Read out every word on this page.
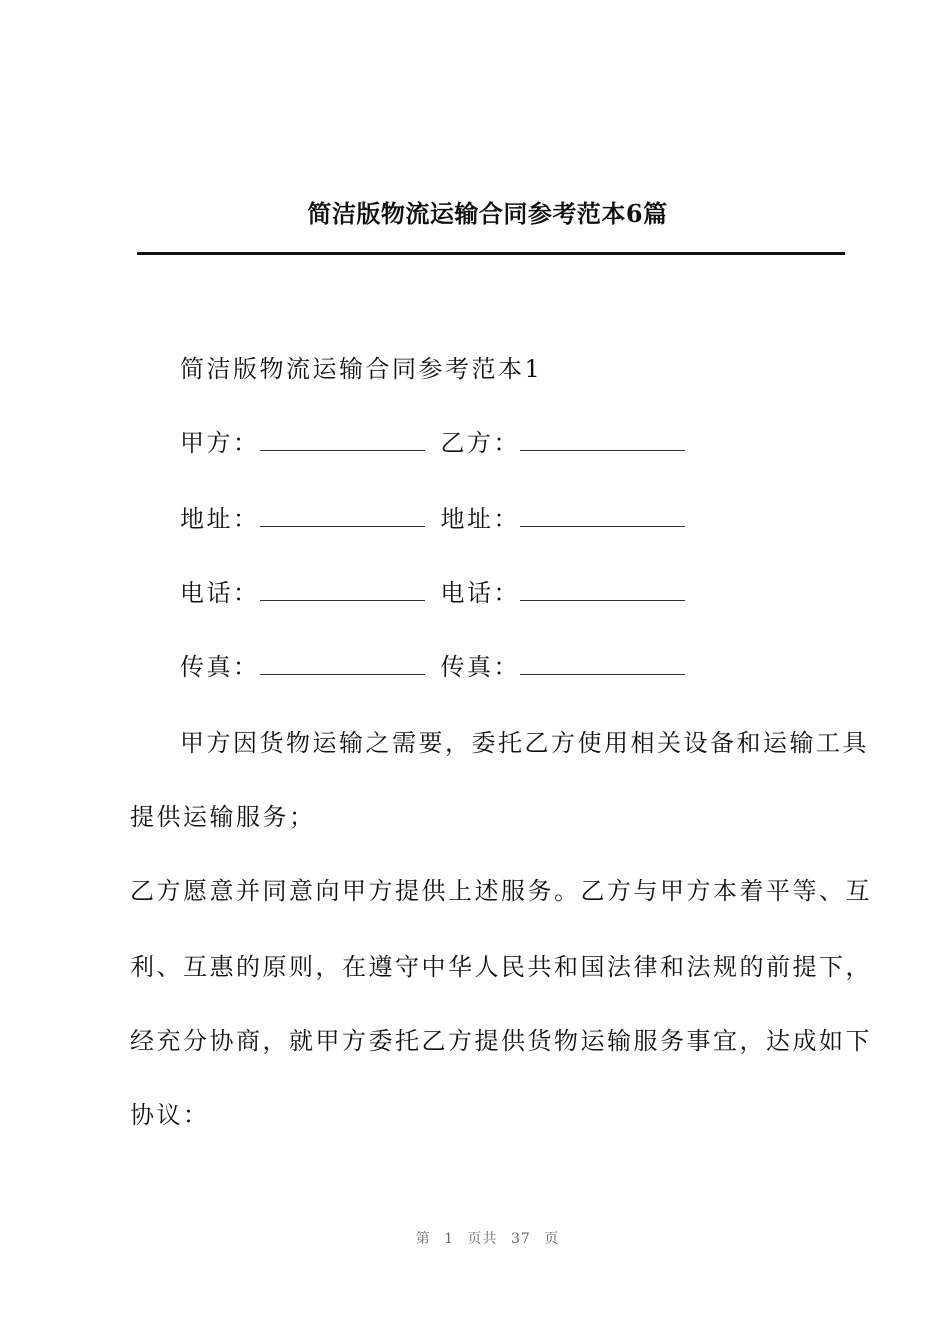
简洁版物流运输合同参考范本6篇
简洁版物流运输合同参考范本1
甲方：	乙方：
地址：	地址：
电话：	电话：
传真：	传真：
甲方因货物运输之需要，委托乙方使用相关设备和运输工具
提供运输服务；
乙方愿意并同意向甲方提供上述服务。乙方与甲方本着平等、互
利、互惠的原则，在遵守中华人民共和国法律和法规的前提下，
经充分协商，就甲方委托乙方提供货物运输服务事宜，达成如下
协议：
第 1 页共 37 页
